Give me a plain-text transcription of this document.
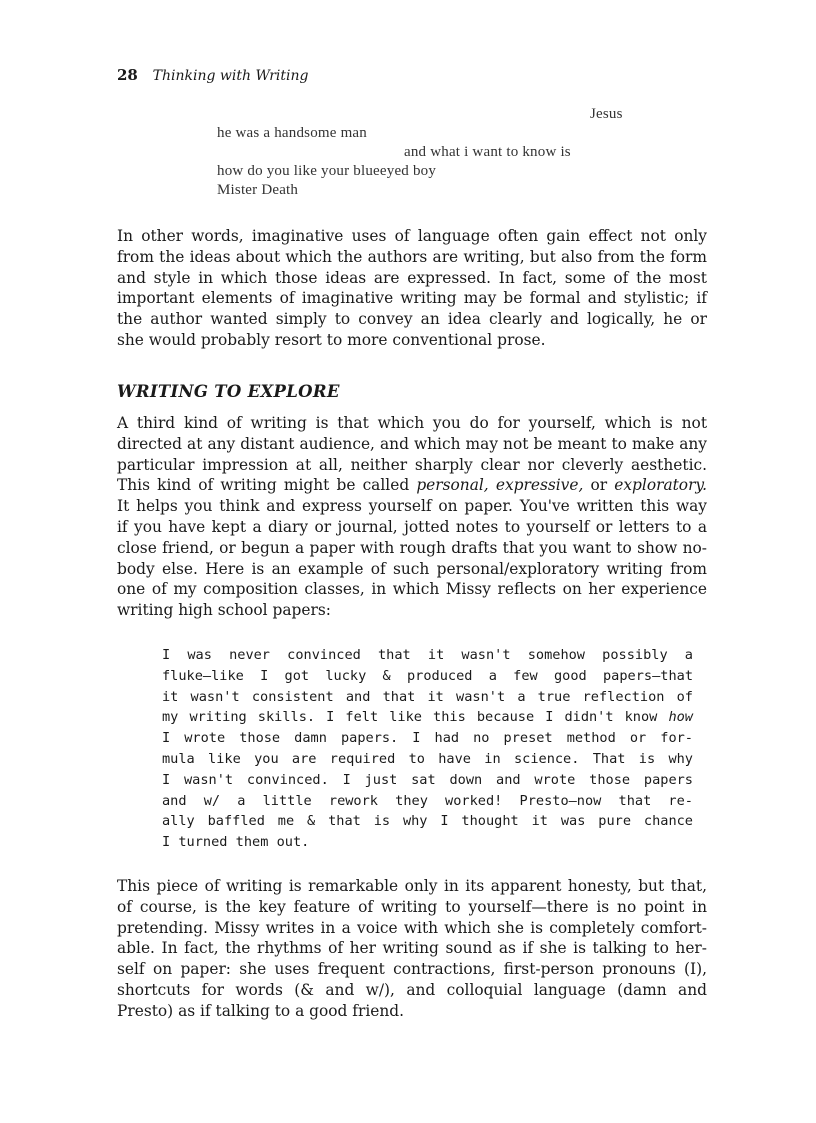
28 Thinking with Writing
Jesus
he was a handsome man
and what i want to know is
how do you like your blueeyed boy
Mister Death
In other words, imaginative uses of language often gain effect not only
from the ideas about which the authors are writing, but also from the form
and style in which those ideas are expressed. In fact, some of the most
important elements of imaginative writing may be formal and stylistic; if
the author wanted simply to convey an idea clearly and logically, he or
she would probably resort to more conventional prose.
WRITING TO EXPLORE
A third kind of writing is that which you do for yourself, which is not
directed at any distant audience, and which may not be meant to make any
particular impression at all, neither sharply clear nor cleverly aesthetic.
This kind of writing might be called personal, expressive, or exploratory.
It helps you think and express yourself on paper. You've written this way
if you have kept a diary or journal, jotted notes to yourself or letters to a
close friend, or begun a paper with rough drafts that you want to show no-
body else. Here is an example of such personal/exploratory writing from
one of my composition classes, in which Missy reflects on her experience
writing high school papers:
I was never convinced that it wasn't somehow possibly a
fluke—like I got lucky & produced a few good papers—that
it wasn't consistent and that it wasn't a true reflection of
my writing skills. I felt like this because I didn't know how
I wrote those damn papers. I had no preset method or for-
mula like you are required to have in science. That is why
I wasn't convinced. I just sat down and wrote those papers
and w/ a little rework they worked! Presto—now that re-
ally baffled me & that is why I thought it was pure chance
I turned them out.
This piece of writing is remarkable only in its apparent honesty, but that,
of course, is the key feature of writing to yourself—there is no point in
pretending. Missy writes in a voice with which she is completely comfort-
able. In fact, the rhythms of her writing sound as if she is talking to her-
self on paper: she uses frequent contractions, first-person pronouns (I),
shortcuts for words (& and w/), and colloquial language (damn and
Presto) as if talking to a good friend.
